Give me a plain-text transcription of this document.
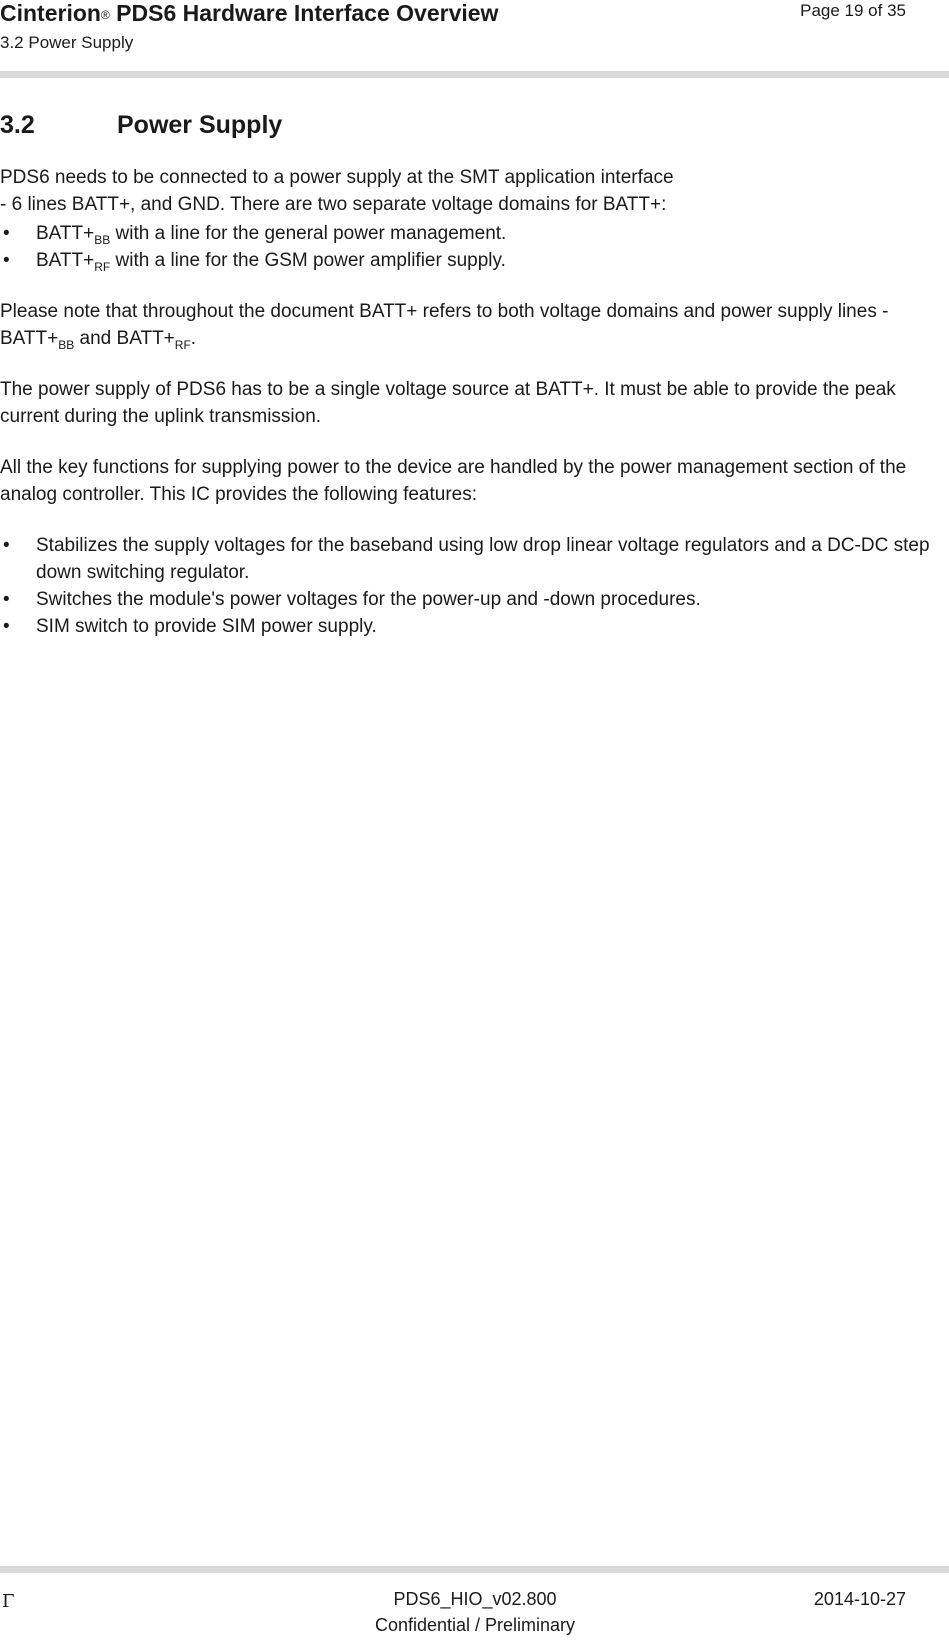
Cinterion® PDS6 Hardware Interface Overview
3.2 Power Supply
Page 19 of 35
3.2	Power Supply
PDS6 needs to be connected to a power supply at the SMT application interface
- 6 lines BATT+, and GND. There are two separate voltage domains for BATT+:
• $BATT+_{BB}$ with a line for the general power management.
• $BATT+_{RF}$ with a line for the GSM power amplifier supply.
Please note that throughout the document BATT+ refers to both voltage domains and power supply lines - $BATT+_{BB}$ and $BATT+_{RF}$.
The power supply of PDS6 has to be a single voltage source at BATT+. It must be able to provide the peak current during the uplink transmission.
All the key functions for supplying power to the device are handled by the power management section of the analog controller. This IC provides the following features:
• Stabilizes the supply voltages for the baseband using low drop linear voltage regulators and a DC-DC step down switching regulator.
• Switches the module's power voltages for the power-up and -down procedures.
• SIM switch to provide SIM power supply.
Γ	PDS6_HIO_v02.800
Confidential / Preliminary
2014-10-27
